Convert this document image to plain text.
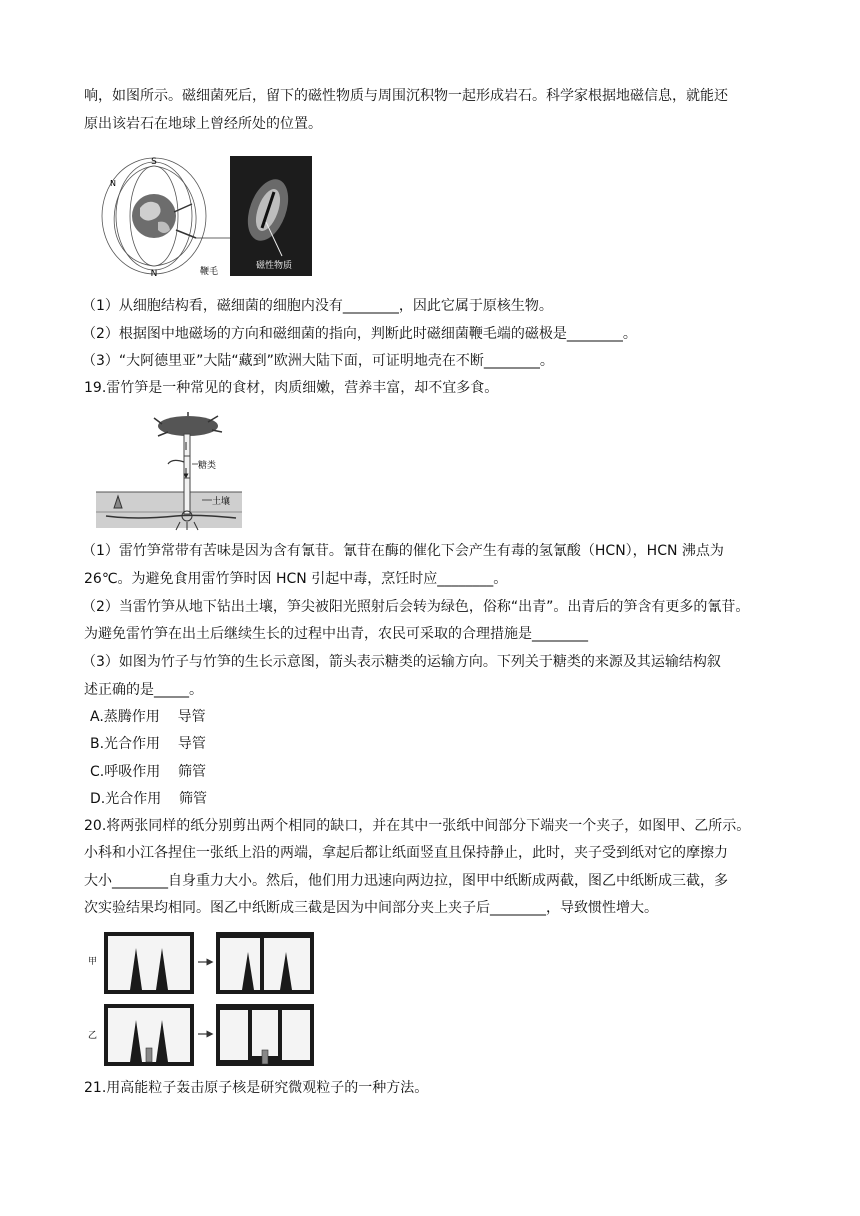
响，如图所示。磁细菌死后，留下的磁性物质与周围沉积物一起形成岩石。科学家根据地磁信息，就能还
原出该岩石在地球上曾经所处的位置。
S
N
N
鞭毛
磁性物质
（1）从细胞结构看，磁细菌的细胞内没有________，因此它属于原核生物。
（2）根据图中地磁场的方向和磁细菌的指向，判断此时磁细菌鞭毛端的磁极是________。
（3）“大阿德里亚”大陆“藏到”欧洲大陆下面，可证明地壳在不断________。
19.雷竹笋是一种常见的食材，肉质细嫩，营养丰富，却不宜多食。
糖类
土壤
（1）雷竹笋常带有苦味是因为含有氰苷。氰苷在酶的催化下会产生有毒的氢氰酸（HCN），HCN 沸点为
26℃。为避免食用雷竹笋时因 HCN 引起中毒，烹饪时应________。
（2）当雷竹笋从地下钻出土壤，笋尖被阳光照射后会转为绿色，俗称“出青”。出青后的笋含有更多的氰苷。
为避免雷竹笋在出土后继续生长的过程中出青，农民可采取的合理措施是________
（3）如图为竹子与竹笋的生长示意图，箭头表示糖类的运输方向。下列关于糖类的来源及其运输结构叙
述正确的是_____。
A.蒸腾作用    导管
B.光合作用    导管
C.呼吸作用    筛管
D.光合作用    筛管
20.将两张同样的纸分别剪出两个相同的缺口，并在其中一张纸中间部分下端夹一个夹子，如图甲、乙所示。
小科和小江各捏住一张纸上沿的两端，拿起后都让纸面竖直且保持静止，此时，夹子受到纸对它的摩擦力
大小________自身重力大小。然后，他们用力迅速向两边拉，图甲中纸断成两截，图乙中纸断成三截，多
次实验结果均相同。图乙中纸断成三截是因为中间部分夹上夹子后________，导致惯性增大。
甲
乙
21.用高能粒子轰击原子核是研究微观粒子的一种方法。
